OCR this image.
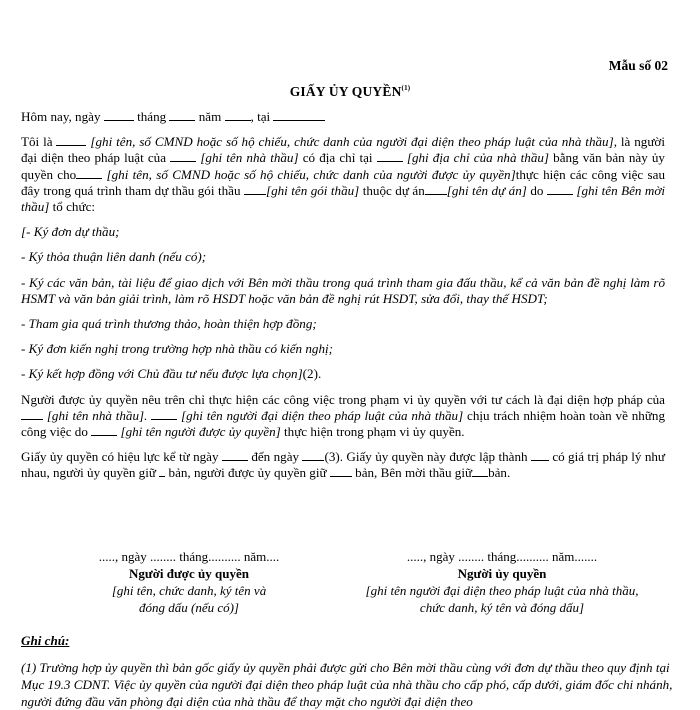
Mẫu số 02
GIẤY ỦY QUYỀN$^{(1)}$

Hôm nay, ngày	tháng năm , tại

Tôi là	[ghi tên, số CMND hoặc số hộ chiếu, chức danh của người đại diện theo pháp luật của nhà thầu], là người đại diện theo pháp luật của	[ghi tên nhà thầu] có địa chỉ tại	[ghi địa chỉ của nhà thầu] bằng văn bản này ủy quyền cho [ghi tên, số CMND hoặc số hộ chiếu, chức danh của người được ủy quyền]thực hiện các công việc sau đây trong quá trình tham dự thầu gói thầu [ghi tên gói thầu] thuộc dự án [ghi tên dự án] do	[ghi tên Bên mời thầu] tổ chức:

[- Ký đơn dự thầu;

- Ký thỏa thuận liên danh (nếu có);

- Ký các văn bản, tài liệu để giao dịch với Bên mời thầu trong quá trình tham gia đấu thầu, kể cả văn bản đề nghị làm rõ HSMT và văn bản giải trình, làm rõ HSDT hoặc văn bản đề nghị rút HSDT, sửa đổi, thay thế HSDT;

- Tham gia quá trình thương thảo, hoàn thiện hợp đồng;

- Ký đơn kiến nghị trong trường hợp nhà thầu có kiến nghị;

- Ký kết hợp đồng với Chủ đầu tư nếu được lựa chọn](2).

Người được ủy quyền nêu trên chỉ thực hiện các công việc trong phạm vi ủy quyền với tư cách là đại diện hợp pháp của  [ghi tên nhà thầu].	[ghi tên người đại diện theo pháp luật của nhà thầu] chịu trách nhiệm hoàn toàn về những công việc do [ghi tên người được ủy quyền] thực hiện trong phạm vi ủy quyền.

Giấy ủy quyền có hiệu lực kể từ ngày	đến ngày (3). Giấy ủy quyền này được lập thành có giá trị pháp lý như nhau, người ủy quyền giữ bản, người được ủy quyền giữ bản, Bên mời thầu giữ bản.

....., ngày ........ tháng.......... năm....
Người được ủy quyền
[ghi tên, chức danh, ký tên và
đóng dấu (nếu có)]
....., ngày ........ tháng.......... năm.......
Người ủy quyền
[ghi tên người đại diện theo pháp luật của nhà thầu,
chức danh, ký tên và đóng dấu]
Ghi chú:
(1) Trường hợp ủy quyền thì bản gốc giấy ủy quyền phải được gửi cho Bên mời thầu cùng với đơn dự thầu theo quy định tại Mục 19.3 CDNT. Việc ủy quyền của người đại diện theo pháp luật của nhà thầu cho cấp phó, cấp dưới, giám đốc chi nhánh, người đứng đầu văn phòng đại diện của nhà thầu để thay mặt cho người đại diện theo
